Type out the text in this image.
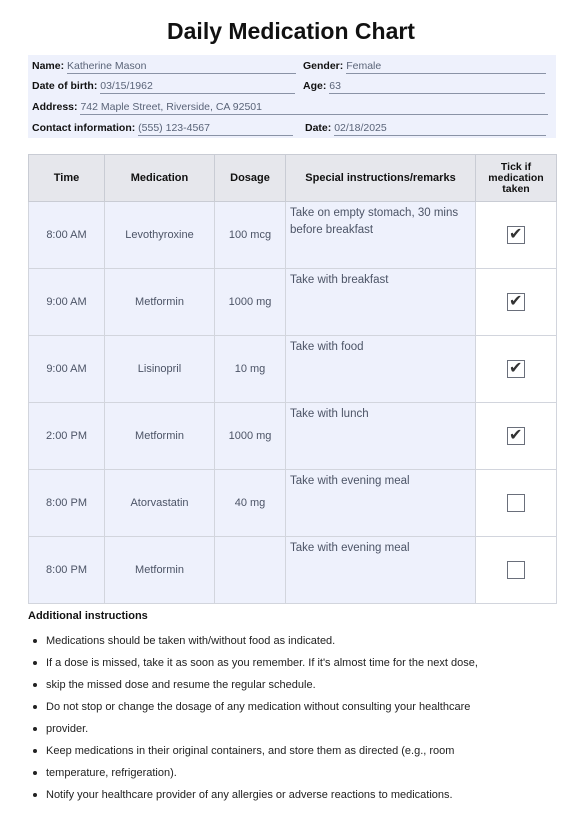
Daily Medication Chart
Name: Katherine Mason	Gender: Female
Date of birth: 03/15/1962	Age: 63
Address: 742 Maple Street, Riverside, CA 92501
Contact information: (555) 123-4567	Date: 02/18/2025
Time	Medication	Dosage	Special instructions/remarks	Tick if medication taken
8:00 AM	Levothyroxine	100 mcg	Take on empty stomach, 30 mins before breakfast	✔

9:00 AM	Metformin	1000 mg	Take with breakfast	✔

9:00 AM	Lisinopril	10 mg	Take with food	✔

2:00 PM	Metformin	1000 mg	Take with lunch	✔

8:00 PM	Atorvastatin	40 mg	Take with evening meal	

8:00 PM	Metformin		Take with evening meal	
Additional instructions
Medications should be taken with/without food as indicated.
If a dose is missed, take it as soon as you remember. If it's almost time for the next dose,
skip the missed dose and resume the regular schedule.
Do not stop or change the dosage of any medication without consulting your healthcare
provider.
Keep medications in their original containers, and store them as directed (e.g., room
temperature, refrigeration).
Notify your healthcare provider of any allergies or adverse reactions to medications.
